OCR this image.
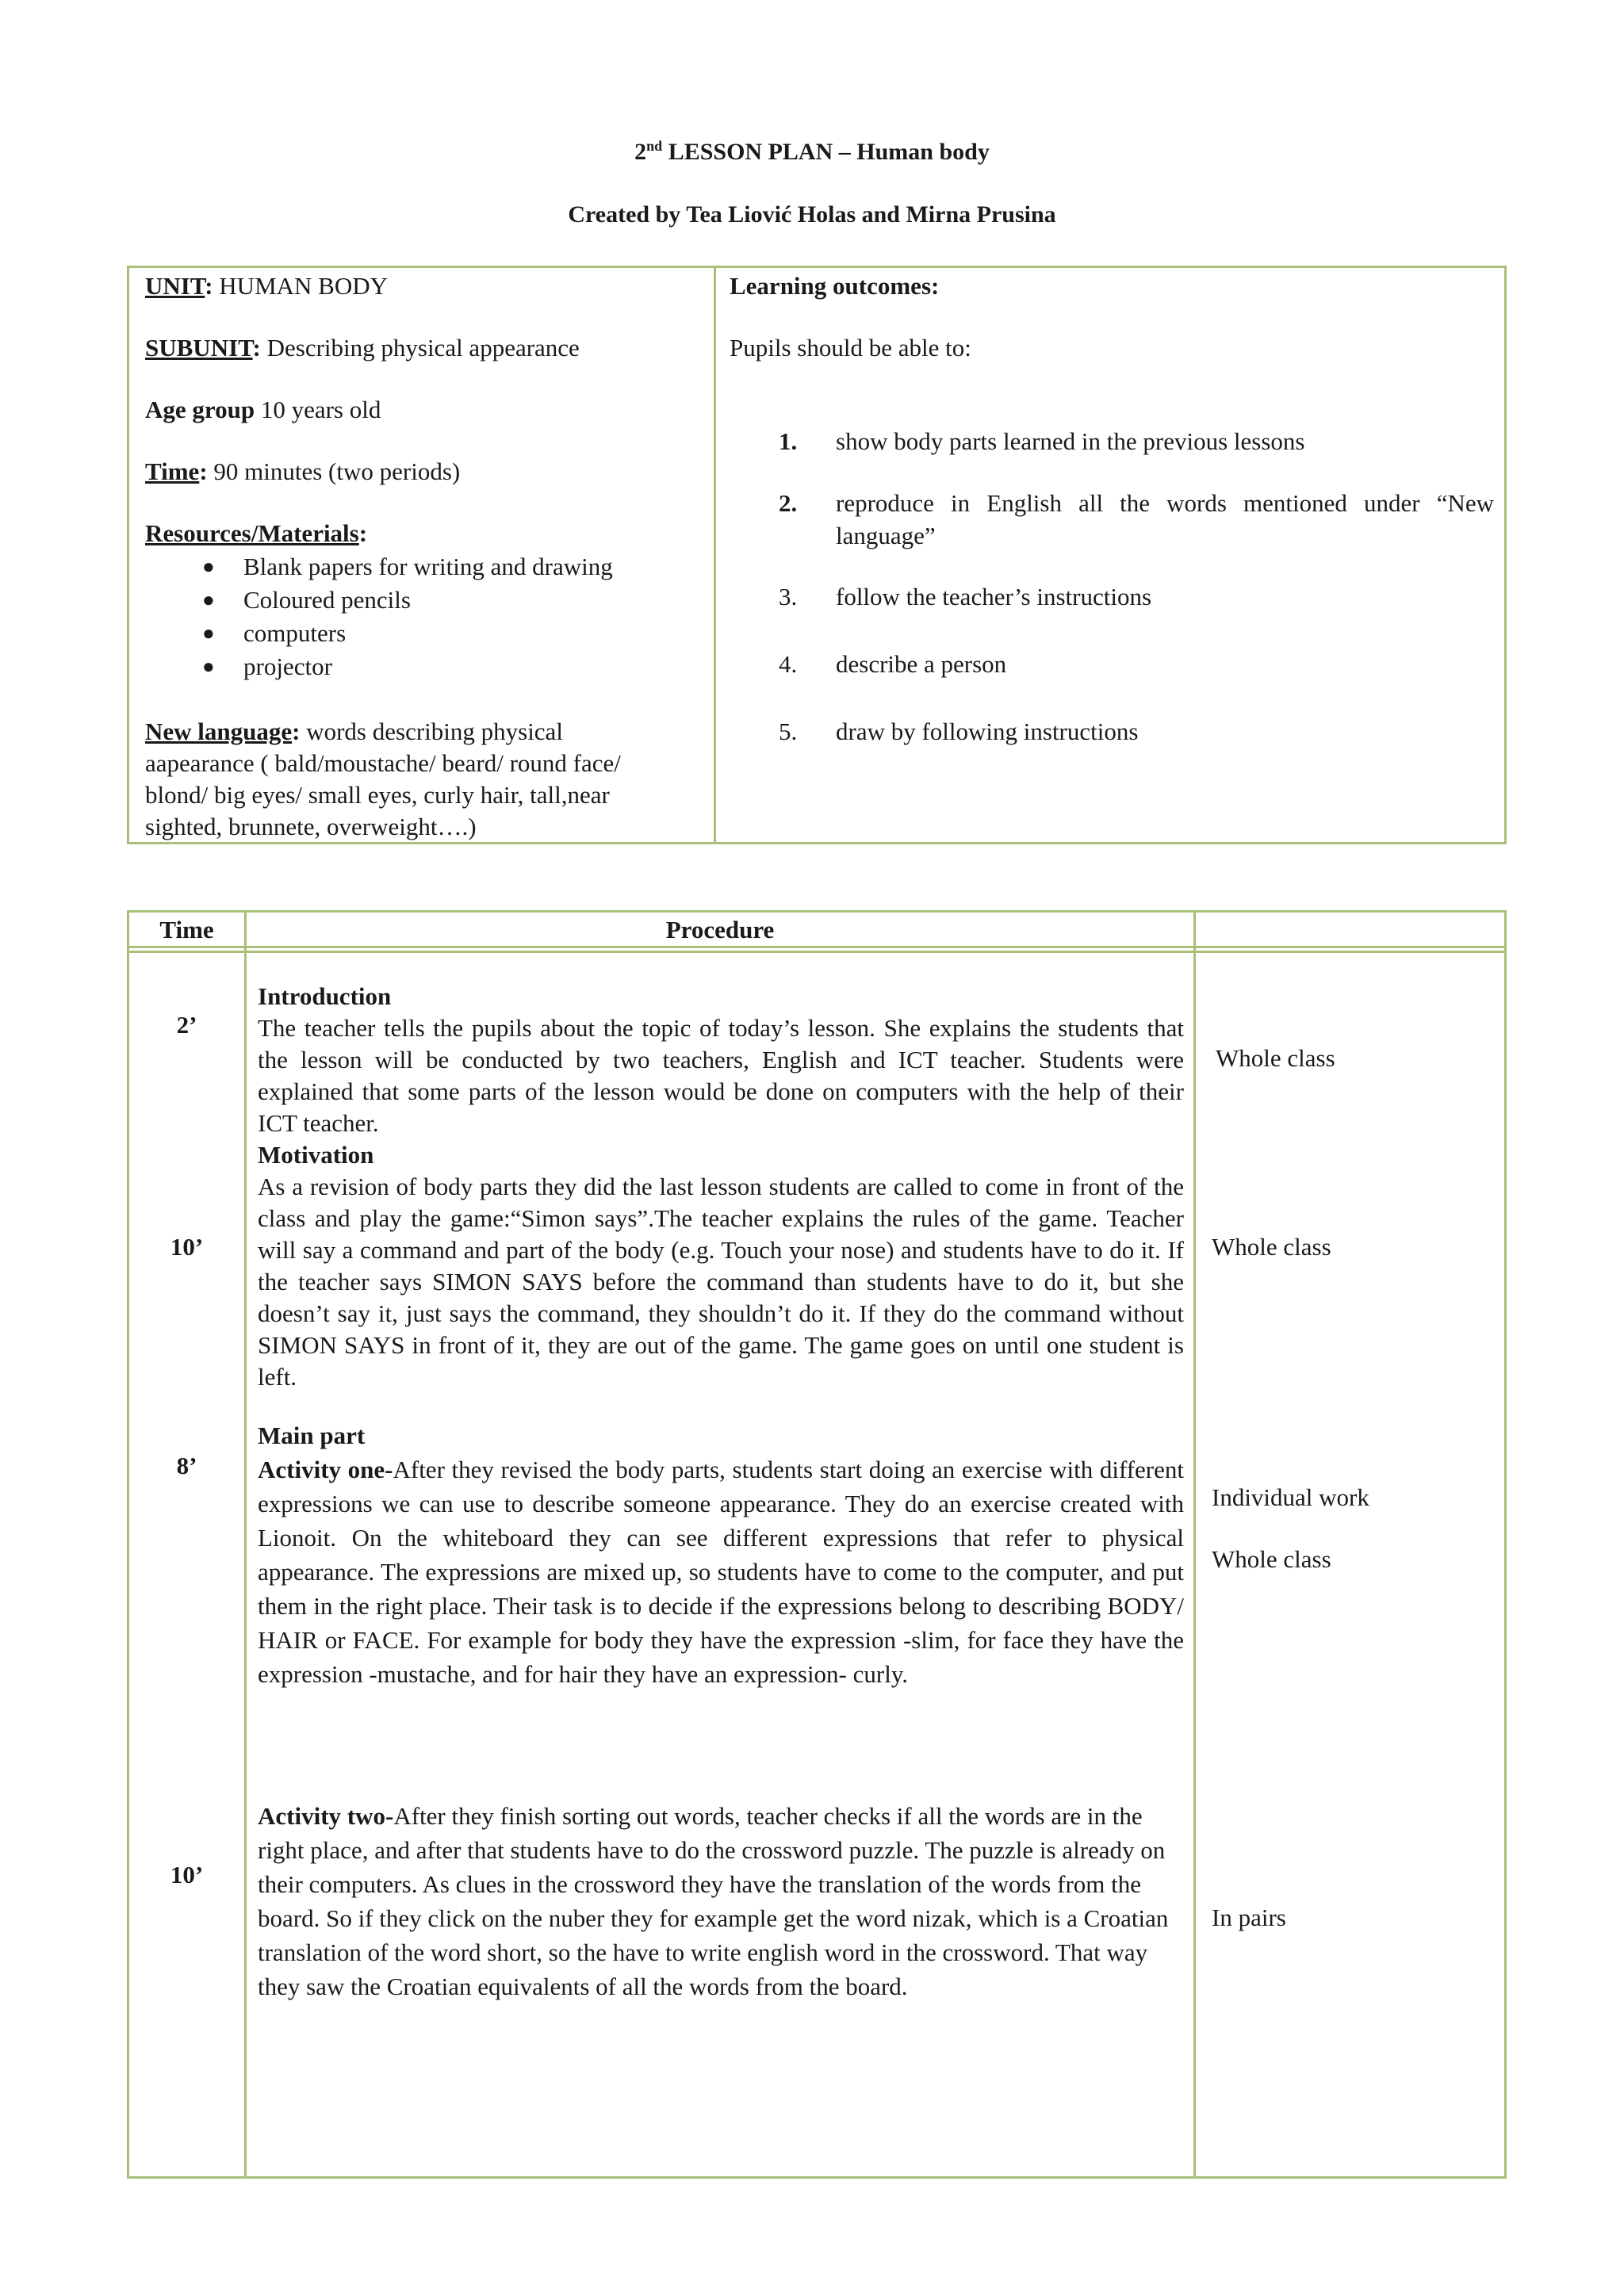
2nd LESSON PLAN – Human body
Created by Tea Liović Holas and Mirna Prusina
UNIT: HUMAN BODY
SUBUNIT: Describing physical appearance
Age group 10 years old
Time: 90 minutes (two periods)
Resources/Materials:
● Blank papers for writing and drawing
● Coloured pencils
● computers
● projector
New language: words describing physical
aapearance ( bald/moustache/ beard/ round face/
blond/ big eyes/ small eyes, curly hair, tall,near
sighted, brunnete, overweight….)
Learning outcomes:
Pupils should be able to:
1. show body parts learned in the previous lessons
2. reproduce in English all the words mentioned under “New language”
3. follow the teacher’s instructions
4. describe a person
5. draw by following instructions
Time	Procedure
2’
10’
8’
10’

Introduction

The teacher tells the pupils about the topic of today’s lesson. She explains the students that the lesson will be conducted by two teachers, English and ICT teacher. Students were explained that some parts of the lesson would be done on computers with the help of their ICT teacher.

Motivation

As a revision of body parts they did the last lesson students are called to come in front of the class and play the game:“Simon says”.The teacher explains the rules of the game. Teacher will say a command and part of the body (e.g. Touch your nose) and students have to do it. If the teacher says SIMON SAYS before the command than students have to do it, but she doesn’t say it, just says the command, they shouldn’t do it. If they do the command without SIMON SAYS in front of it, they are out of the game. The game goes on until one student is left.

Main part

Activity one-After they revised the body parts, students start doing an exercise with different expressions we can use to describe someone appearance. They do an exercise created with Lionoit. On the whiteboard they can see different expressions that refer to physical appearance. The expressions are mixed up, so students have to come to the computer, and put them in the right place. Their task is to decide if the expressions belong to describing BODY/ HAIR or FACE. For example for body they have the expression -slim, for face they have the expression -mustache, and for hair they have an expression- curly.

Activity two-After they finish sorting out words, teacher checks if all the words are in the right place, and after that students have to do the crossword puzzle. The puzzle is already on their computers. As clues in the crossword they have the translation of the words from the board. So if they click on the nuber they for example get the word nizak, which is a Croatian translation of the word short, so the have to write english word in the crossword. That way they saw the Croatian equivalents of all the words from the board.

Whole class
Whole class
Individual work
Whole class
In pairs
